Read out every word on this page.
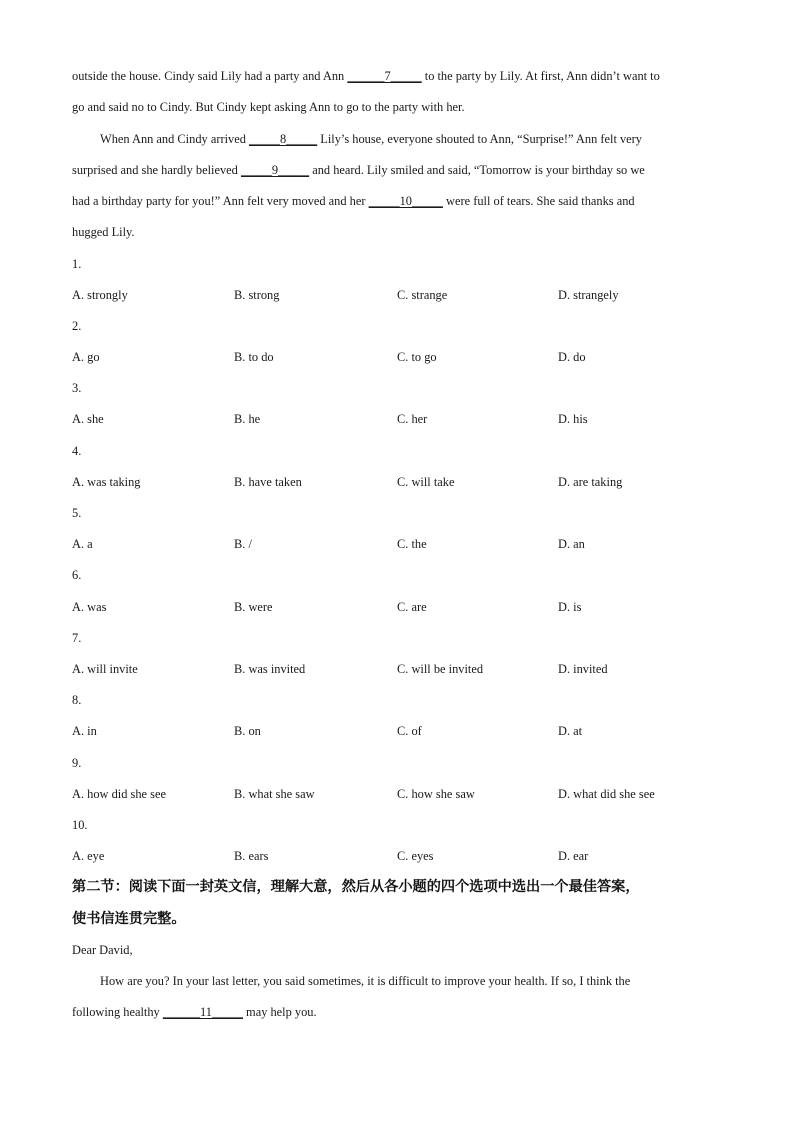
outside the house. Cindy said Lily had a party and Ann ______7_____ to the party by Lily. At first, Ann didn’t want to
go and said no to Cindy. But Cindy kept asking Ann to go to the party with her.
When Ann and Cindy arrived _____8_____ Lily’s house, everyone shouted to Ann, “Surprise!” Ann felt very
surprised and she hardly believed _____9_____ and heard. Lily smiled and said, “Tomorrow is your birthday so we
had a birthday party for you!” Ann felt very moved and her _____10_____ were full of tears. She said thanks and
hugged Lily.
1.
A. strongly	B. strong	C. strange	D. strangely
2.
A. go	B. to do	C. to go	D. do
3.
A. she	B. he	C. her	D. his
4.
A. was taking	B. have taken	C. will take	D. are taking
5.
A. a	B. /	C. the	D. an
6.
A. was	B. were	C. are	D. is
7.
A. will invite	B. was invited	C. will be invited	D. invited
8.
A. in	B. on	C. of	D. at
9.
A. how did she see	B. what she saw	C. how she saw	D. what did she see
10.
A. eye	B. ears	C. eyes	D. ear
第二节：阅读下面一封英文信，理解大意，然后从各小题的四个选项中选出一个最佳答案，
使书信连贯完整。
Dear David,
How are you? In your last letter, you said sometimes, it is difficult to improve your health. If so, I think the
following healthy ______11_____ may help you.
